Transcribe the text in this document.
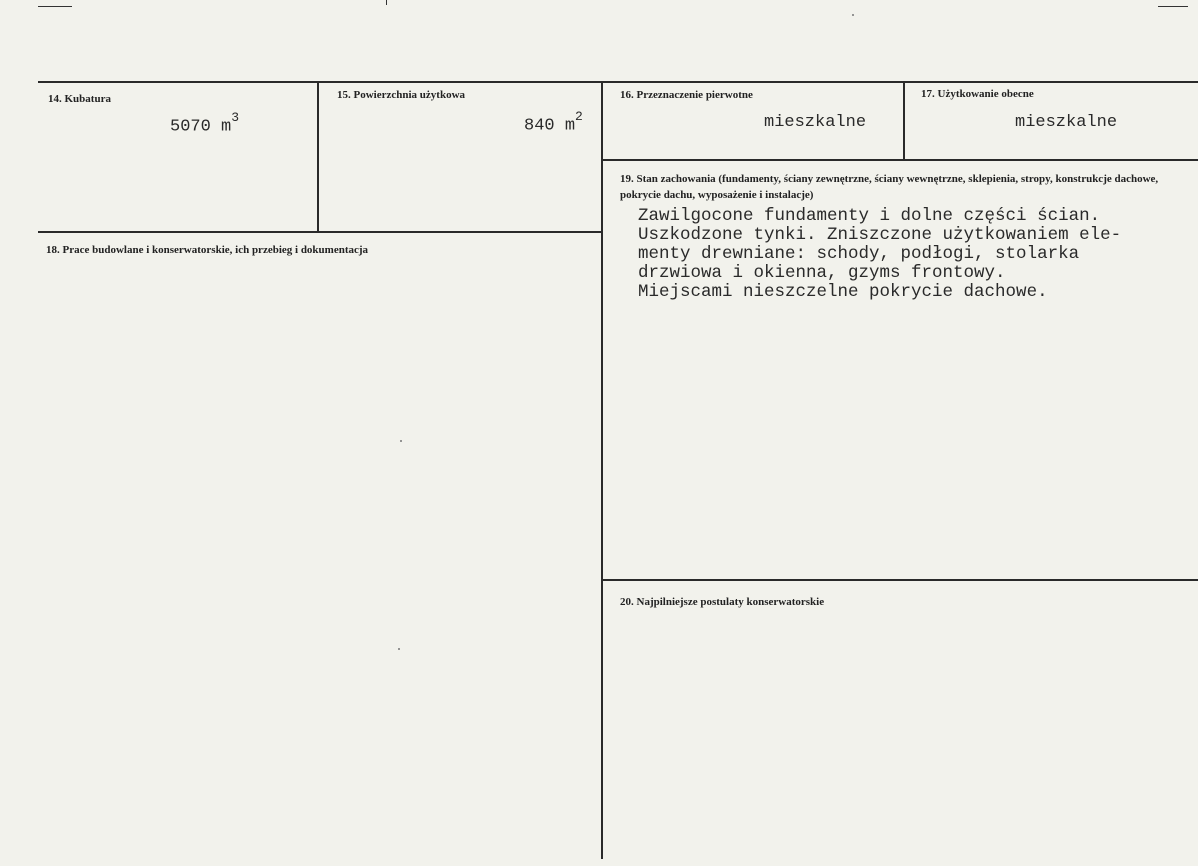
14. Kubatura
5070 $m^3$
15. Powierzchnia użytkowa
840 $m^2$
16. Przeznaczenie pierwotne
mieszkalne
17. Użytkowanie obecne
mieszkalne
18. Prace budowlane i konserwatorskie, ich przebieg i dokumentacja
19. Stan zachowania (fundamenty, ściany zewnętrzne, ściany wewnętrzne, sklepienia, stropy, konstrukcje dachowe, pokrycie dachu, wyposażenie i instalacje)
Zawilgocone fundamenty i dolne części ścian.
Uszkodzone tynki. Zniszczone użytkowaniem ele-
menty drewniane: schody, podłogi, stolarka
drzwiowa i okienna, gzyms frontowy.
Miejscami nieszczelne pokrycie dachowe.
20. Najpilniejsze postulaty konserwatorskie
